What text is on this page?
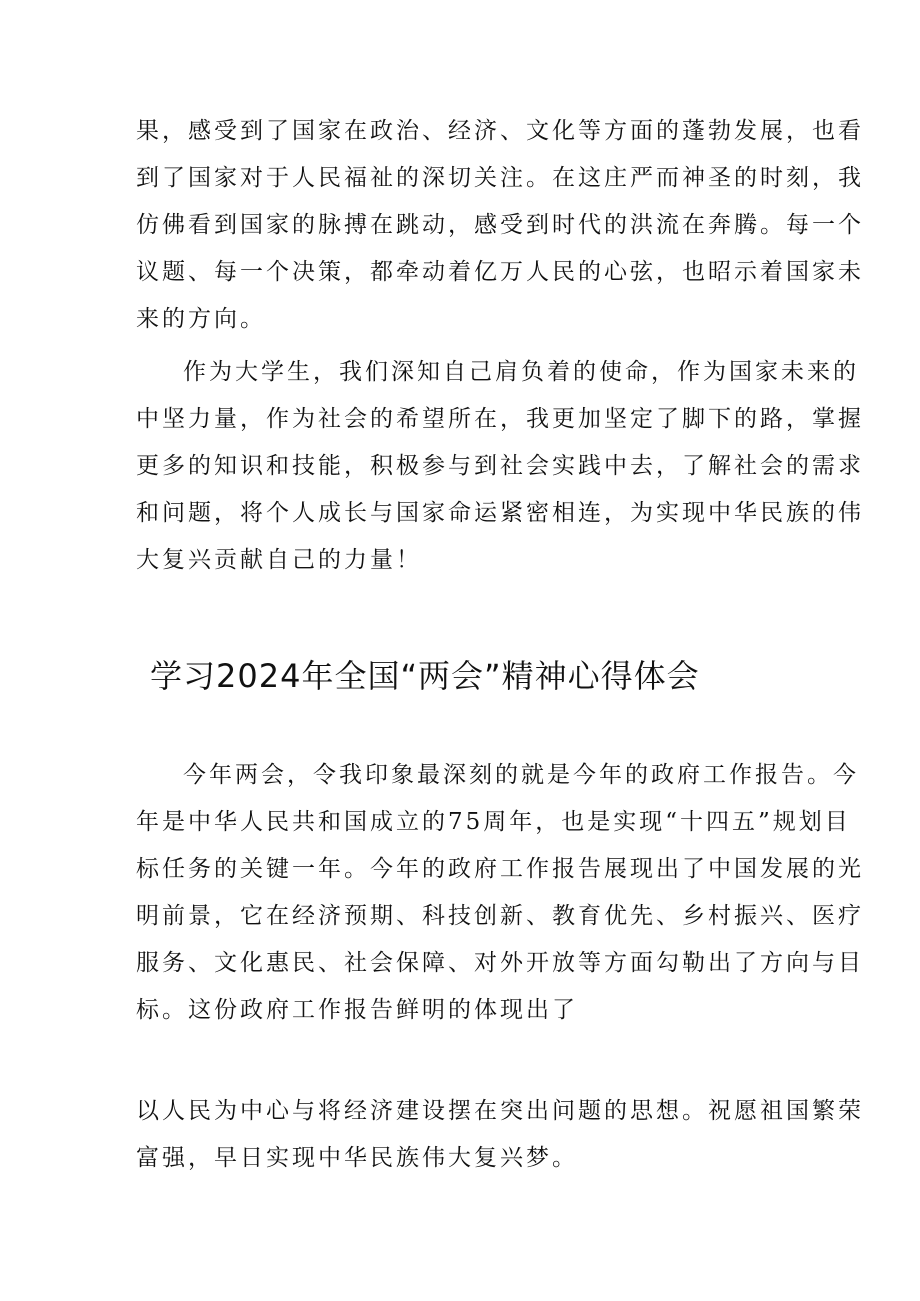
果，感受到了国家在政治、经济、文化等方面的蓬勃发展，也看
到了国家对于人民福祉的深切关注。在这庄严而神圣的时刻，我
仿佛看到国家的脉搏在跳动，感受到时代的洪流在奔腾。每一个
议题、每一个决策，都牵动着亿万人民的心弦，也昭示着国家未
来的方向。
作为大学生，我们深知自己肩负着的使命，作为国家未来的
中坚力量，作为社会的希望所在，我更加坚定了脚下的路，掌握
更多的知识和技能，积极参与到社会实践中去，了解社会的需求
和问题，将个人成长与国家命运紧密相连，为实现中华民族的伟
大复兴贡献自己的力量！
学习2024年全国“两会”精神心得体会
今年两会，令我印象最深刻的就是今年的政府工作报告。今
年是中华人民共和国成立的75周年，也是实现“十四五”规划目
标任务的关键一年。今年的政府工作报告展现出了中国发展的光
明前景，它在经济预期、科技创新、教育优先、乡村振兴、医疗
服务、文化惠民、社会保障、对外开放等方面勾勒出了方向与目
标。这份政府工作报告鲜明的体现出了
以人民为中心与将经济建设摆在突出问题的思想。祝愿祖国繁荣
富强，早日实现中华民族伟大复兴梦。
